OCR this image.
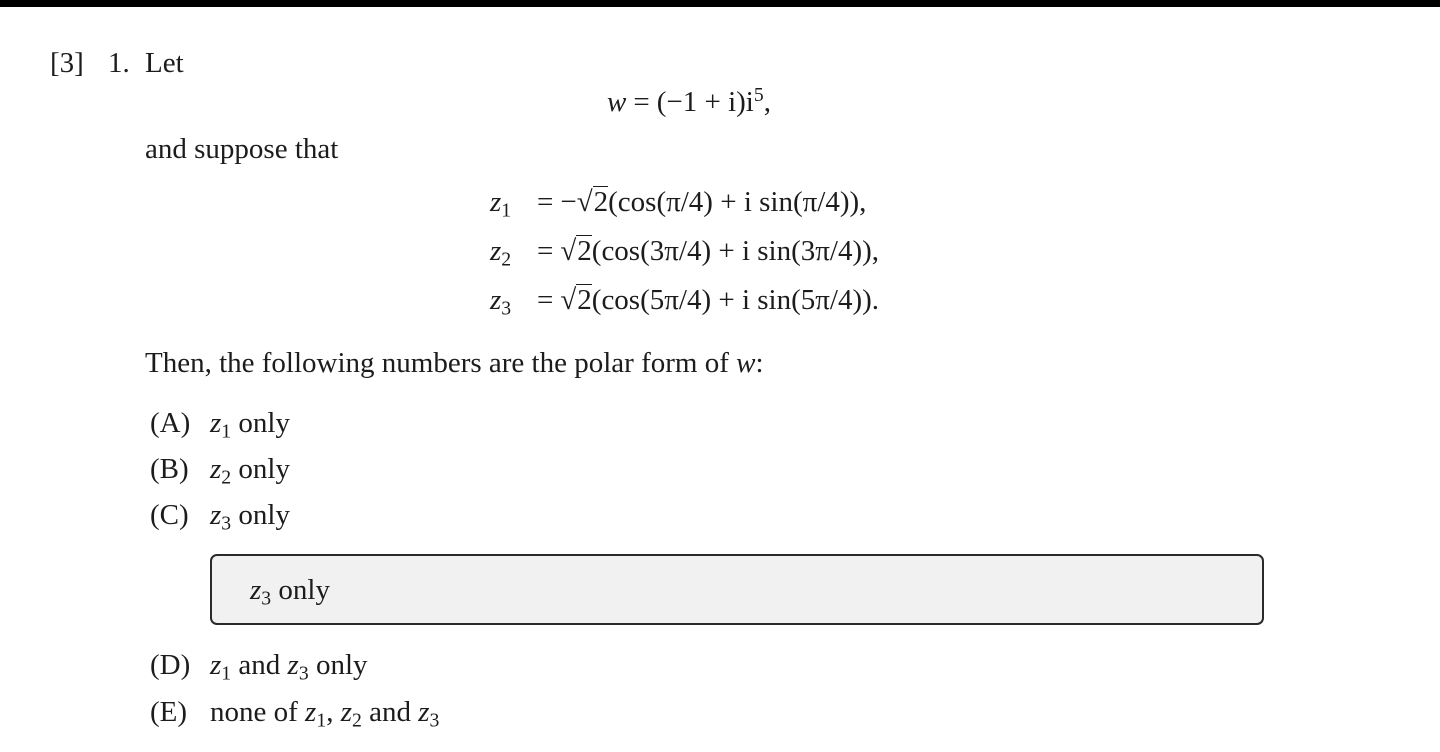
[3] 1. Let
$w = (-1 + i)i^5$,
and suppose that
$z_1 = -√2(\cos(\pi/4) + i$ sin(π/4)),
$z_2 = √2(\cos(3\pi/4) + i$ sin(3π/4)),
$z_3 = √2(\cos(5\pi/4) + i$ sin(5π/4)).
Then, the following numbers are the polar form of w:
(A) $z_1$ only
(B) $z_2$ only
(C) $z_3$ only
$z_3$ only
(D) $z_1$ and $z_3$ only
(E) none of $z_1$, $z_2$ and $z_3$
